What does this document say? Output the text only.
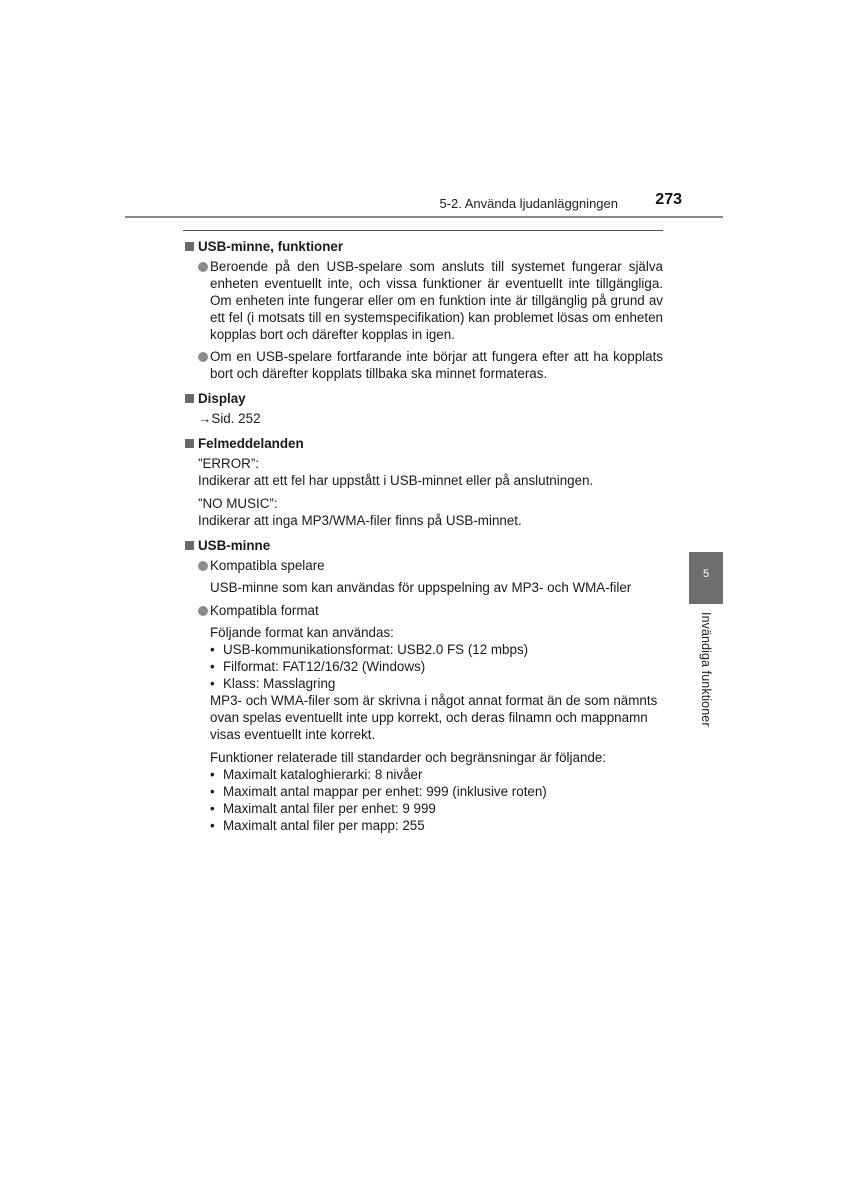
5-2. Använda ljudanläggningen 273
5
Invändiga funktioner
USB-minne, funktioner
Beroende på den USB-spelare som ansluts till systemet fungerar själva enheten eventuellt inte, och vissa funktioner är eventuellt inte tillgängliga. Om enheten inte fungerar eller om en funktion inte är tillgänglig på grund av ett fel (i motsats till en systemspecifikation) kan problemet lösas om enheten kopplas bort och därefter kopplas in igen.
Om en USB-spelare fortfarande inte börjar att fungera efter att ha kopplats bort och därefter kopplats tillbaka ska minnet formateras.
Display
→Sid. 252
Felmeddelanden
”ERROR”:
Indikerar att ett fel har uppstått i USB-minnet eller på anslutningen.
”NO MUSIC”:
Indikerar att inga MP3/WMA-filer finns på USB-minnet.
USB-minne
Kompatibla spelare
USB-minne som kan användas för uppspelning av MP3- och WMA-filer
Kompatibla format
Följande format kan användas:
• USB-kommunikationsformat: USB2.0 FS (12 mbps)
• Filformat: FAT12/16/32 (Windows)
• Klass: Masslagring
MP3- och WMA-filer som är skrivna i något annat format än de som nämnts ovan spelas eventuellt inte upp korrekt, och deras filnamn och mappnamn visas eventuellt inte korrekt.
Funktioner relaterade till standarder och begränsningar är följande:
• Maximalt kataloghierarki: 8 nivåer
• Maximalt antal mappar per enhet: 999 (inklusive roten)
• Maximalt antal filer per enhet: 9 999
• Maximalt antal filer per mapp: 255
